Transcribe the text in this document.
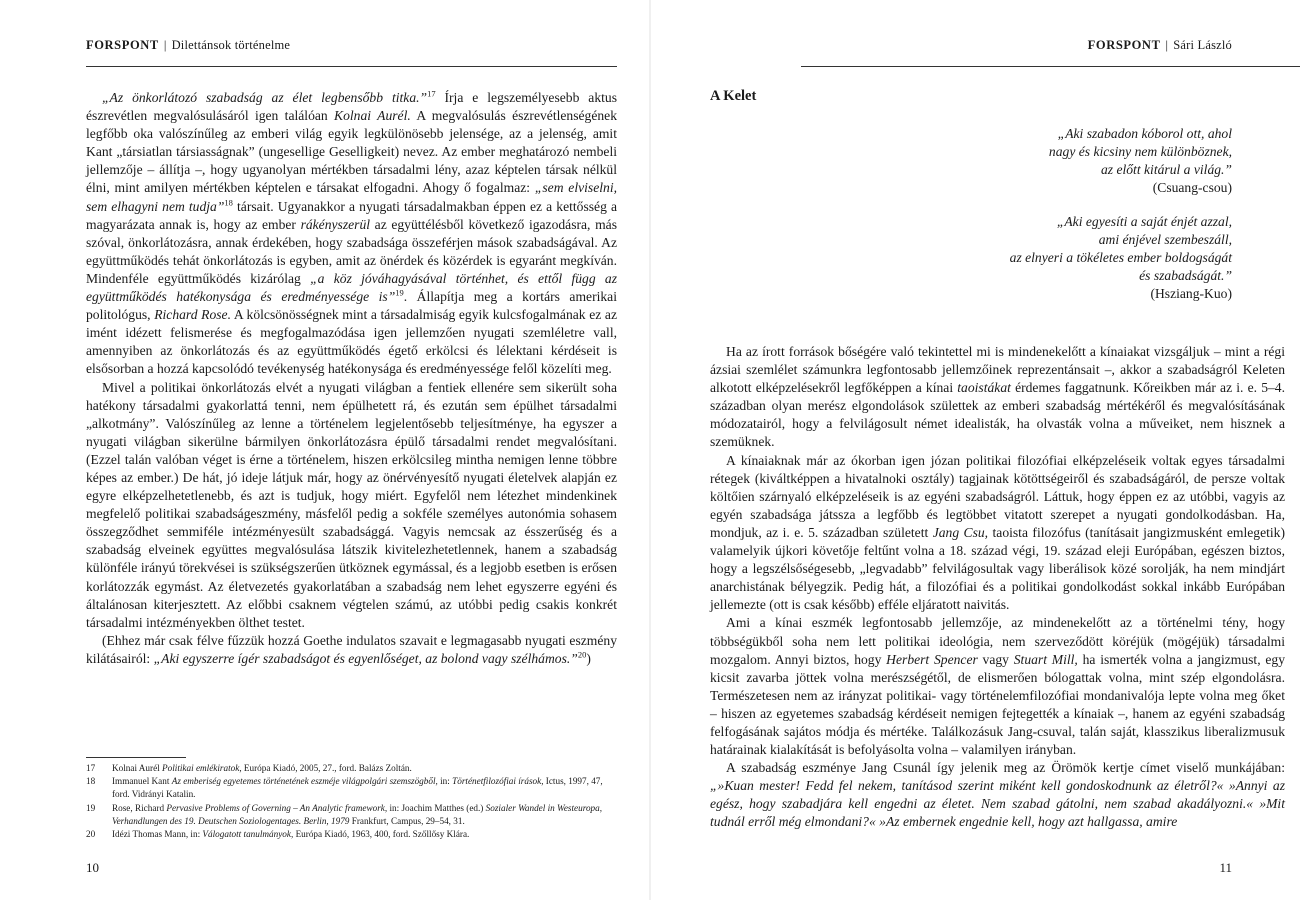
FORSPONT | Dilettánsok történelme

„Az önkorlátozó szabadság az élet legbensőbb titka.”$^{17}$ Írja e legszemélyesebb aktus észrevétlen megvalósulásáról igen találóan Kolnai Aurél. A megvalósulás észrevétlenségének legfőbb oka valószínűleg az emberi világ egyik legkülönösebb jelensége, az a jelenség, amit Kant „társiatlan társiasságnak” (ungesellige Geselligkeit) nevez. Az ember meghatározó nembeli jellemzője – állítja –, hogy ugyanolyan mértékben társadalmi lény, azaz képtelen társak nélkül élni, mint amilyen mértékben képtelen e társakat elfogadni. Ahogy ő fogalmaz: „sem elviselni, sem elhagyni nem tudja”$^{18}$ társait. Ugyanakkor a nyugati társadalmakban éppen ez a kettősség a magyarázata annak is, hogy az ember rákényszerül az együttélésből következő igazodásra, más szóval, önkorlátozásra, annak érdekében, hogy szabadsága összeférjen mások szabadságával. Az együttműködés tehát önkorlátozás is egyben, amit az önérdek és közérdek is egyaránt megkíván. Mindenféle együttműködés kizárólag „a köz jóváhagyásával történhet, és ettől függ az együttműködés hatékonysága és eredményessége is”$^{19}$. Állapítja meg a kortárs amerikai politológus, Richard Rose. A kölcsönösségnek mint a társadalmiság egyik kulcsfogalmának ez az imént idézett felismerése és megfogalmazódása igen jellemzően nyugati szemléletre vall, amennyiben az önkorlátozás és az együttműködés égető erkölcsi és lélektani kérdéseit is elsősorban a hozzá kapcsolódó tevékenység hatékonysága és eredményessége felől közelíti meg.

Mivel a politikai önkorlátozás elvét a nyugati világban a fentiek ellenére sem sikerült soha hatékony társadalmi gyakorlattá tenni, nem épülhetett rá, és ezután sem épülhet társadalmi „alkotmány”. Valószínűleg az lenne a történelem legjelentősebb teljesítménye, ha egyszer a nyugati világban sikerülne bármilyen önkorlátozásra épülő társadalmi rendet megvalósítani. (Ezzel talán valóban véget is érne a történelem, hiszen erkölcsileg mintha nemigen lenne többre képes az ember.) De hát, jó ideje látjuk már, hogy az önérvényesítő nyugati életelvek alapján ez egyre elképzelhetetlenebb, és azt is tudjuk, hogy miért. Egyfelől nem létezhet mindenkinek megfelelő politikai szabadságeszmény, másfelől pedig a sokféle személyes autonómia sohasem összegződhet semmiféle intézményesült szabadsággá. Vagyis nemcsak az ésszerűség és a szabadság elveinek együttes megvalósulása látszik kivitelezhetetlennek, hanem a szabadság különféle irányú törekvései is szükségszerűen ütköznek egymással, és a legjobb esetben is erősen korlátozzák egymást. Az életvezetés gyakorlatában a szabadság nem lehet egyszerre egyéni és általánosan kiterjesztett. Az előbbi csaknem végtelen számú, az utóbbi pedig csakis konkrét társadalmi intézményekben ölthet testet.

(Ehhez már csak félve fűzzük hozzá Goethe indulatos szavait e legmagasabb nyugati eszmény kilátásairól: „Aki egyszerre ígér szabadságot és egyenlőséget, az bolond vagy szélhámos.”$^{20}$)

17	Kolnai Aurél Politikai emlékiratok, Európa Kiadó, 2005, 27., ford. Balázs Zoltán.
18	Immanuel Kant Az emberiség egyetemes történetének eszméje világpolgári szemszögből, in: Történetfilozófiai írások, Ictus, 1997, 47, ford. Vidrányi Katalin.
19	Rose, Richard Pervasive Problems of Governing – An Analytic framework, in: Joachim Matthes (ed.) Sozialer Wandel in Westeuropa, Verhandlungen des 19. Deutschen Soziologentages. Berlin, 1979 Frankfurt, Campus, 29–54, 31.
20	Idézi Thomas Mann, in: Válogatott tanulmányok, Európa Kiadó, 1963, 400, ford. Szőllősy Klára.
10
FORSPONT | Sári László
A Kelet
„Aki szabadon kóborol ott, ahol
nagy és kicsiny nem különböznek,
az előtt kitárul a világ.”
(Csuang-csou)
„Aki egyesíti a saját énjét azzal,
ami énjével szembeszáll,
az elnyeri a tökéletes ember boldogságát
és szabadságát.”
(Hsziang-Kuo)

Ha az írott források bőségére való tekintettel mi is mindenekelőtt a kínaiakat vizsgáljuk – mint a régi ázsiai szemlélet számunkra legfontosabb jellemzőinek reprezentánsait –, akkor a szabadságról Keleten alkotott elképzelésekről legfőképpen a kínai taoistákat érdemes faggatnunk. Kőreikben már az i. e. 5–4. században olyan merész elgondolások születtek az emberi szabadság mértékéről és megvalósításának módozatairól, hogy a felvilágosult német idealisták, ha olvasták volna a műveiket, nem hisznek a szemüknek.

A kínaiaknak már az ókorban igen józan politikai filozófiai elképzeléseik voltak egyes társadalmi rétegek (kiváltképpen a hivatalnoki osztály) tagjainak kötöttségeiről és szabadságáról, de persze voltak költőien szárnyaló elképzeléseik is az egyéni szabadságról. Láttuk, hogy éppen ez az utóbbi, vagyis az egyén szabadsága játssza a legfőbb és legtöbbet vitatott szerepet a nyugati gondolkodásban. Ha, mondjuk, az i. e. 5. században született Jang Csu, taoista filozófus (tanításait jangizmusként emlegetik) valamelyik újkori követője feltűnt volna a 18. század végi, 19. század eleji Európában, egészen biztos, hogy a legszélsőségesebb, „legvadabb” felvilágosultak vagy liberálisok közé sorolják, ha nem mindjárt anarchistának bélyegzik. Pedig hát, a filozófiai és a politikai gondolkodást sokkal inkább Európában jellemezte (ott is csak később) efféle eljáratott naivitás.

Ami a kínai eszmék legfontosabb jellemzője, az mindenekelőtt az a történelmi tény, hogy többségükből soha nem lett politikai ideológia, nem szerveződött köréjük (mögéjük) társadalmi mozgalom. Annyi biztos, hogy Herbert Spencer vagy Stuart Mill, ha ismerték volna a jangizmust, egy kicsit zavarba jöttek volna merészségétől, de elismerően bólogattak volna, mint szép elgondolásra. Természetesen nem az irányzat politikai- vagy történelemfilozófiai mondanivalója lepte volna meg őket – hiszen az egyetemes szabadság kérdéseit nemigen fejtegették a kínaiak –, hanem az egyéni szabadság felfogásának sajátos módja és mértéke. Találkozásuk Jang-csuval, talán saját, klasszikus liberalizmusuk határainak kialakítását is befolyásolta volna – valamilyen irányban.

A szabadság eszménye Jang Csunál így jelenik meg az Örömök kertje címet viselő munkájában: „»Kuan mester! Fedd fel nekem, tanításod szerint miként kell gondoskodnunk az életről?« »Annyi az egész, hogy szabadjára kell engedni az életet. Nem szabad gátolni, nem szabad akadályozni.« »Mit tudnál erről még elmondani?« »Az embernek engednie kell, hogy azt hallgassa, amire

11
